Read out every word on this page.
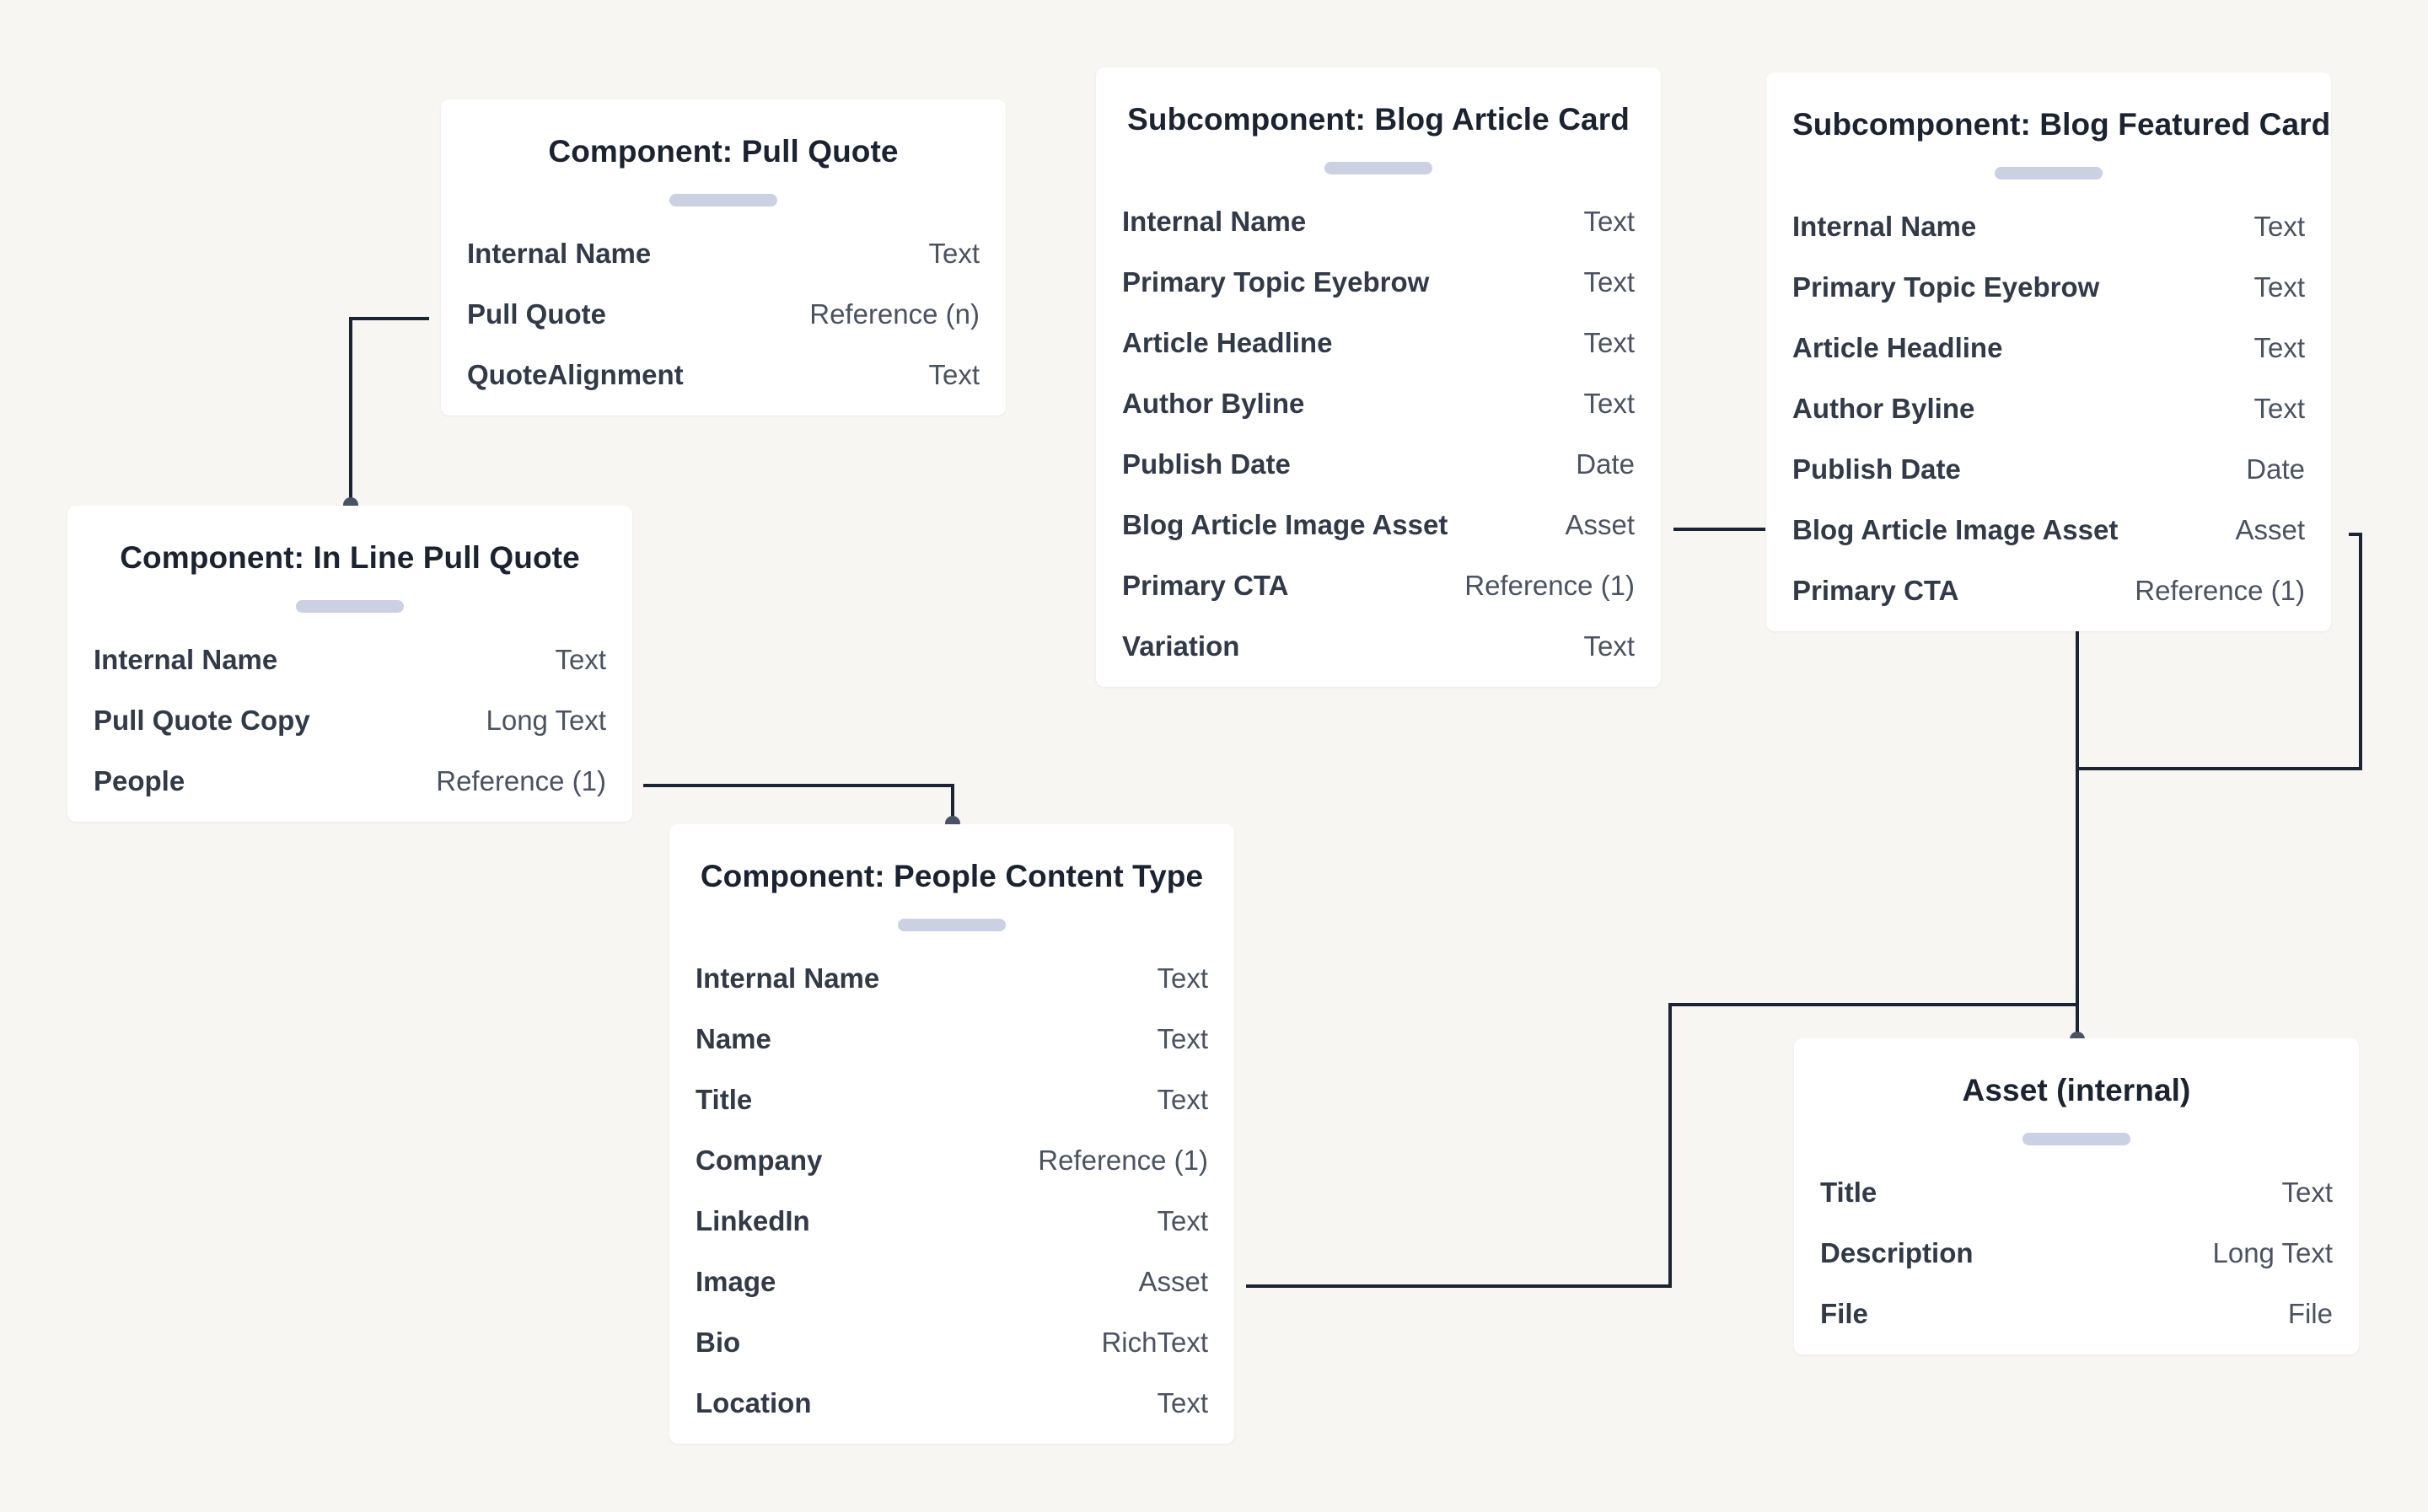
Component: Pull Quote
Internal Name	Text
Pull Quote	Reference (n)
QuoteAlignment	Text
Component: In Line Pull Quote
Internal Name	Text
Pull Quote Copy	Long Text
People	Reference (1)
Subcomponent: Blog Article Card
Internal Name	Text
Primary Topic Eyebrow	Text
Article Headline	Text
Author Byline	Text
Publish Date	Date
Blog Article Image Asset	Asset
Primary CTA	Reference (1)
Variation	Text
Subcomponent: Blog Featured Card
Internal Name	Text
Primary Topic Eyebrow	Text
Article Headline	Text
Author Byline	Text
Publish Date	Date
Blog Article Image Asset	Asset
Primary CTA	Reference (1)
Component: People Content Type
Internal Name	Text
Name	Text
Title	Text
Company	Reference (1)
LinkedIn	Text
Image	Asset
Bio	RichText
Location	Text
Asset (internal)
Title	Text
Description	Long Text
File	File
